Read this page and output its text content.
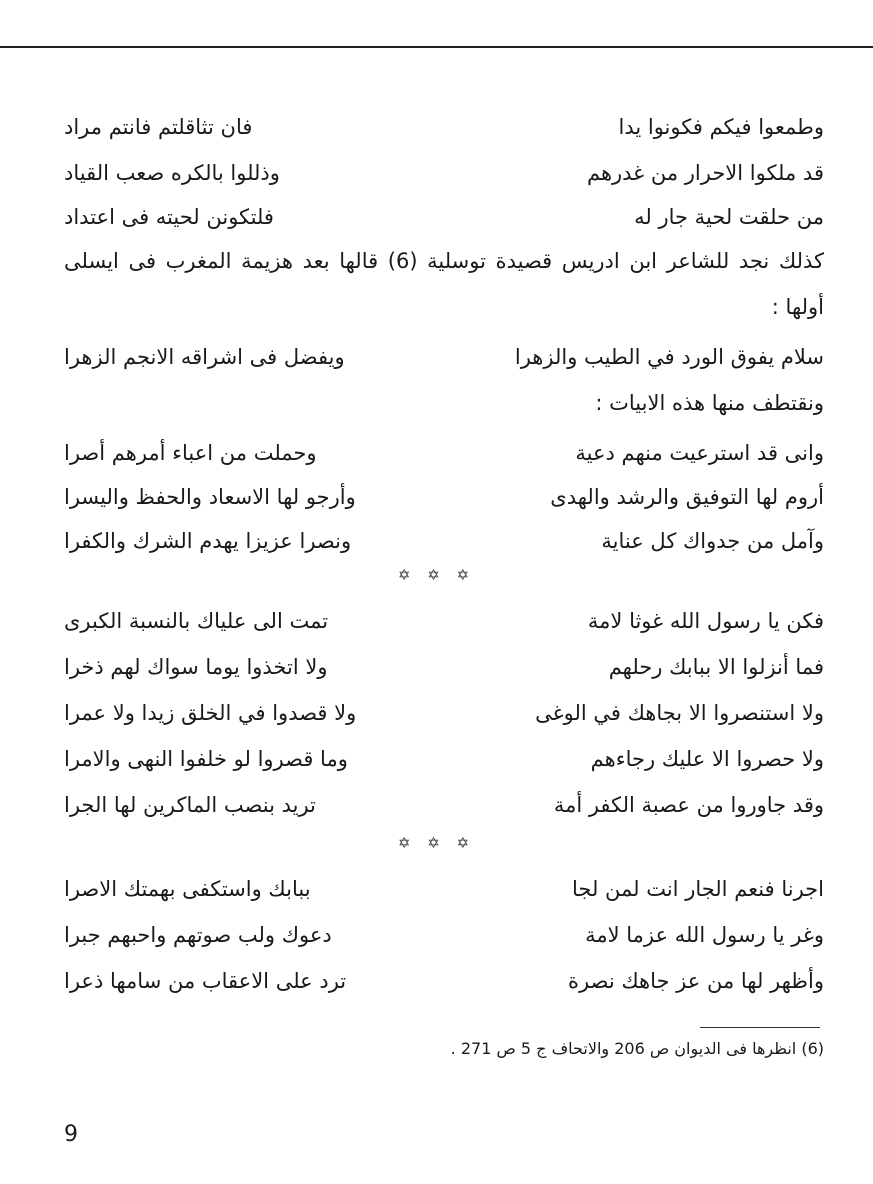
وطمعوا فيكم فكونوا يدا
فان تثاقلتم فانتم مراد
قد ملكوا الاحرار من غدرهم
وذللوا بالكره صعب القياد
من حلقت لحية جار له
فلتكونن لحيته فى اعتداد
كذلك نجد للشاعر ابن ادريس قصيدة توسلية (6) قالها بعد هزيمة المغرب فى ايسلى أولها :
سلام يفوق الورد في الطيب والزهرا
ويفضل فى اشراقه الانجم الزهرا
ونقتطف منها هذه الابيات :
وانى قد استرعيت منهم دعية
وحملت من اعباء أمرهم أصرا
أروم لها التوفيق والرشد والهدى
وأرجو لها الاسعاد والحفظ واليسرا
وآمل من جدواك كل عناية
ونصرا عزيزا يهدم الشرك والكفرا
✡ ✡ ✡
فكن يا رسول الله غوثا لامة
تمت الى علياك بالنسبة الكبرى
فما أنزلوا الا ببابك رحلهم
ولا اتخذوا يوما سواك لهم ذخرا
ولا استنصروا الا بجاهك في الوغى
ولا قصدوا في الخلق زيدا ولا عمرا
ولا حصروا الا عليك رجاءهم
وما قصروا لو خلفوا النهى والامرا
وقد جاوروا من عصبة الكفر أمة
تريد بنصب الماكرين لها الجرا
✡ ✡ ✡
اجرنا فنعم الجار انت لمن لجا
ببابك واستكفى بهمتك الاصرا
وغر يا رسول الله عزما لامة
دعوك ولب صوتهم واحبهم جبرا
وأظهر لها من عز جاهك نصرة
ترد على الاعقاب من سامها ذعرا
(6) انظرها فى الديوان ص 206 والاتحاف ج 5 ص 271 .
9
